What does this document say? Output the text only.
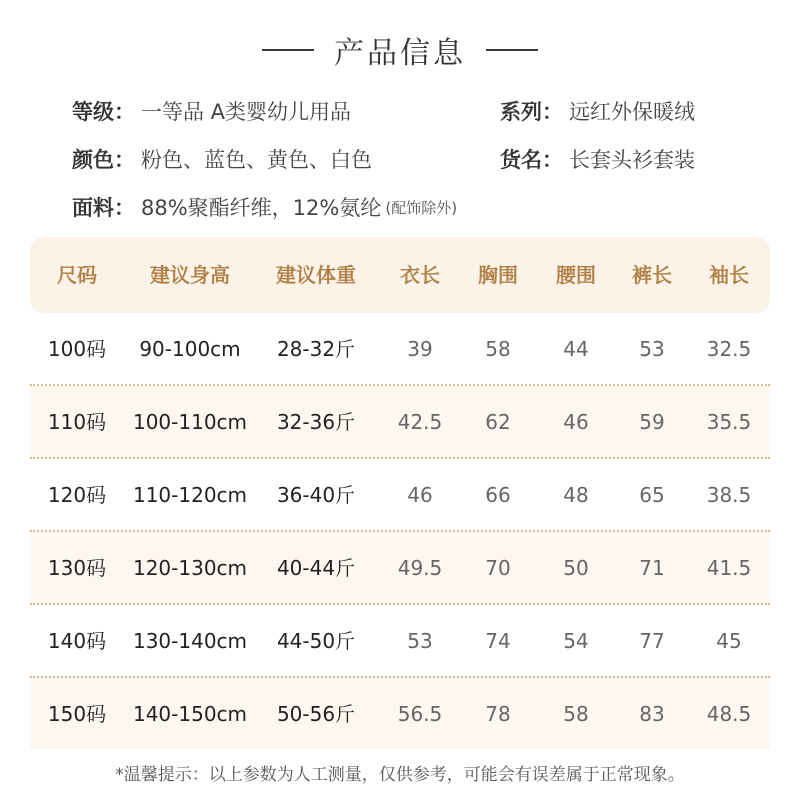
产品信息
等级： 一等品 A类婴幼儿用品	系列： 远红外保暖绒
颜色： 粉色、蓝色、黄色、白色	货名： 长套头衫套装
面料： 88%聚酯纤维，12%氨纶 (配饰除外)
尺码	建议身高 建议体重 衣长 胸围 腰围 裤长 袖长
100码 90-100cm 28-32斤	39	58	44	53 32.5
110码 100-110cm 32-36斤 42.5 62	46	59 35.5
120码 110-120cm 36-40斤	46	66	48	65 38.5
130码 120-130cm 40-44斤 49.5 70	50	71 41.5
140码 130-140cm 44-50斤	53	74	54	77	45
150码 140-150cm 50-56斤 56.5 78	58	83 48.5
*温馨提示：以上参数为人工测量，仅供参考，可能会有误差属于正常现象。
